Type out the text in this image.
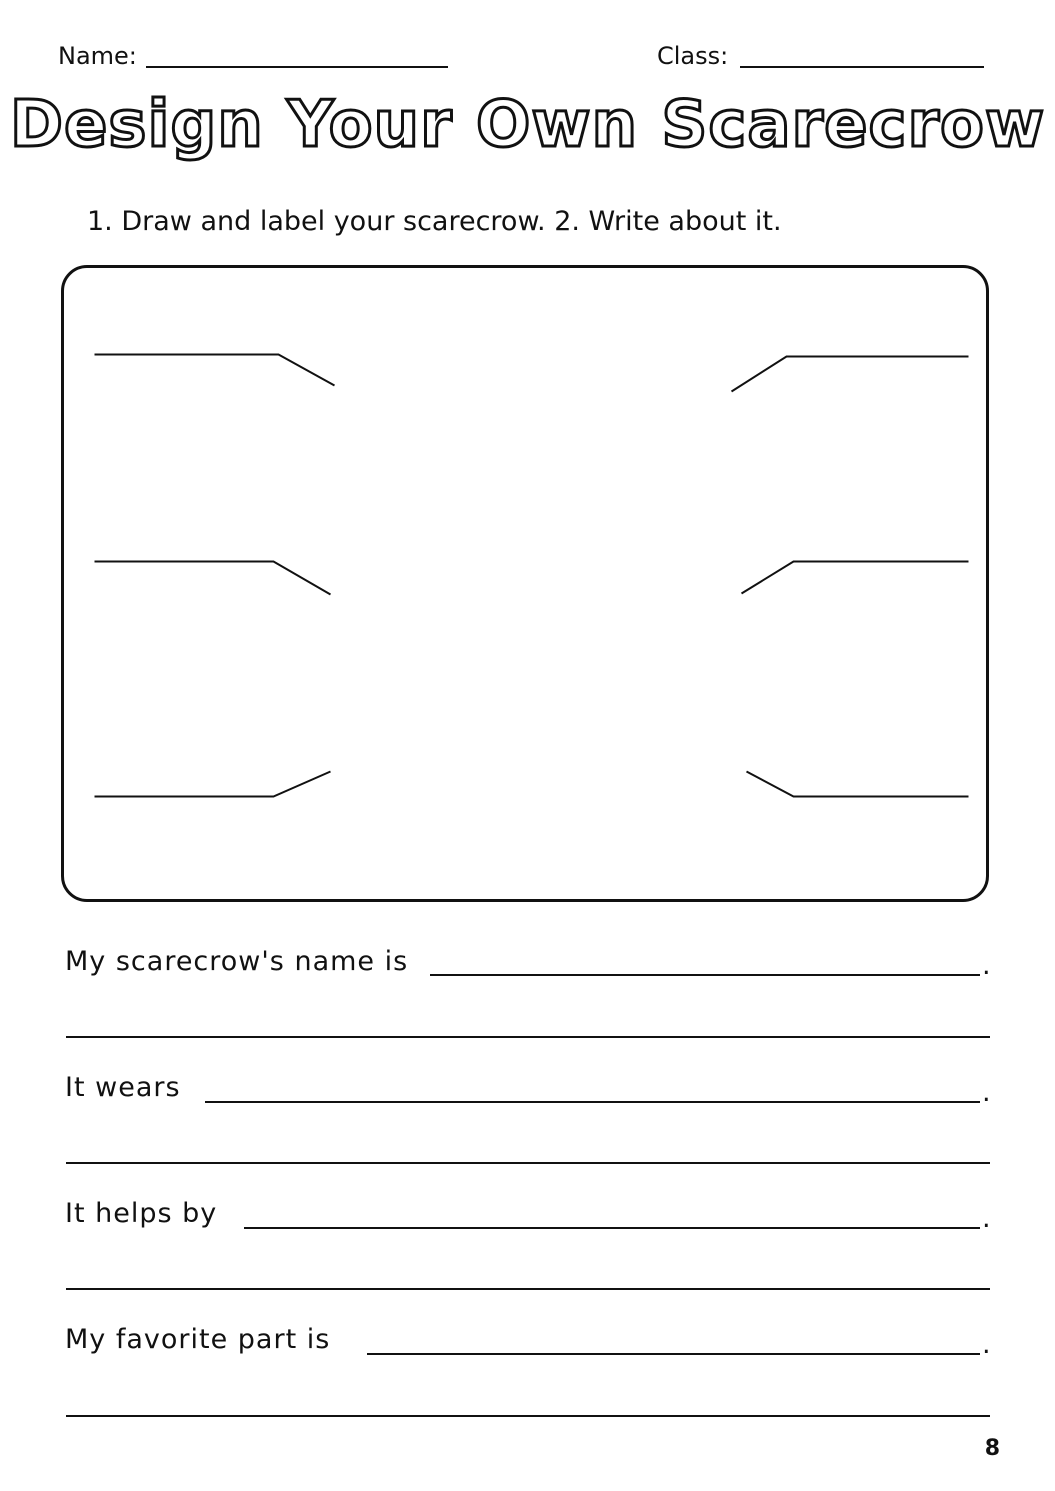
Name:	Class:
Design Your Own Scarecrow
1. Draw and label your scarecrow. 2. Write about it.
My scarecrow's name is	.
It wears	.
It helps by	.
My favorite part is	.
8
